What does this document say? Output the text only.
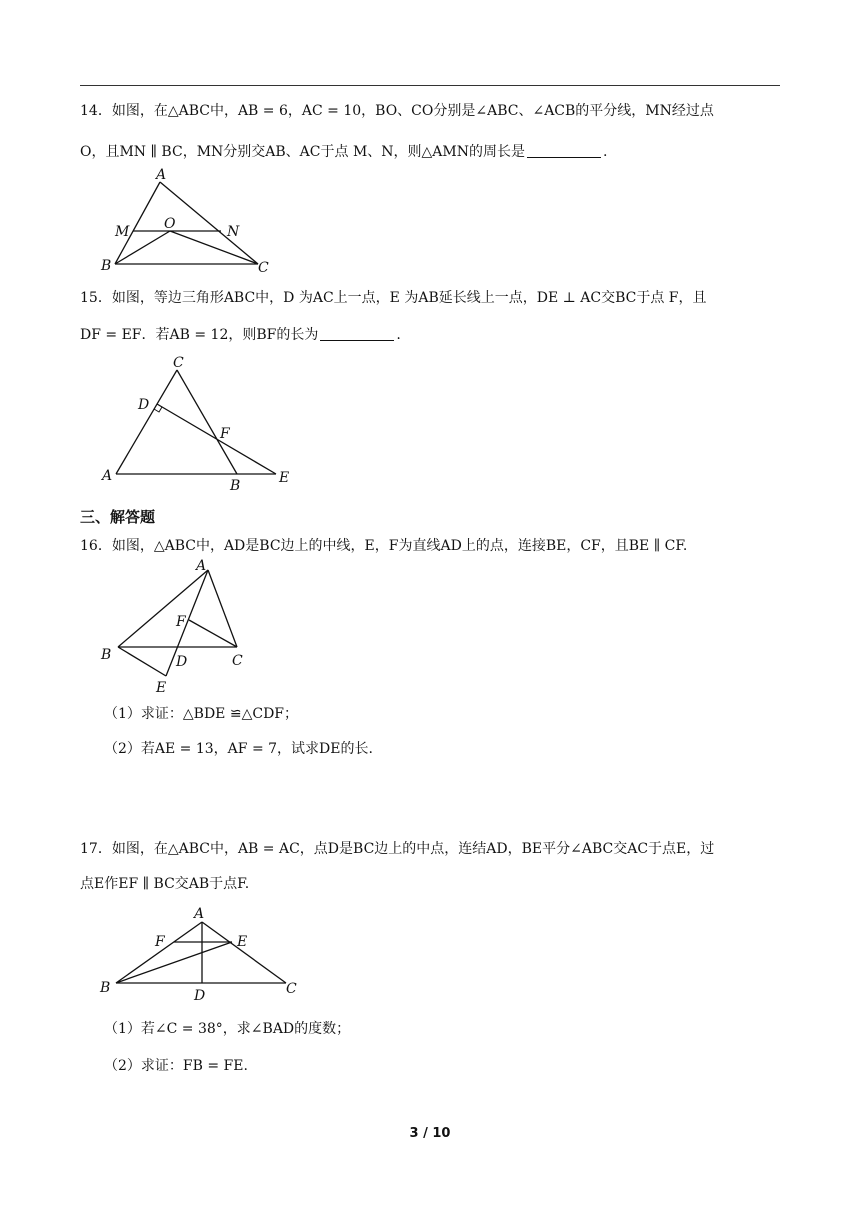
14．如图，在△ABC中，AB = 6，AC = 10，BO、CO分别是∠ABC、∠ACB的平分线，MN经过点
O，且MN ∥ BC，MN分别交AB、AC于点 M、N，则△AMN的周长是	.
A
M O	N
B	C
15．如图，等边三角形ABC中，D 为AC上一点，E 为AB延长线上一点，DE ⊥ AC交BC于点 F，且
DF = EF．若AB = 12，则BF的长为	.
C
D
F
A
B	E
三、解答题
16．如图，△ABC中，AD是BC边上的中线，E，F为直线AD上的点，连接BE，CF，且BE ∥ CF.
A
F
B	D	C
E
（1）求证：△BDE ≌△CDF；
（2）若AE = 13，AF = 7，试求DE的长.
17．如图，在△ABC中，AB = AC，点D是BC边上的中点，连结AD，BE平分∠ABC交AC于点E，过
点E作EF ∥ BC交AB于点F.
A
F	E
B	D	C
（1）若∠C = 38°，求∠BAD的度数；
（2）求证：FB = FE.
3 / 10
